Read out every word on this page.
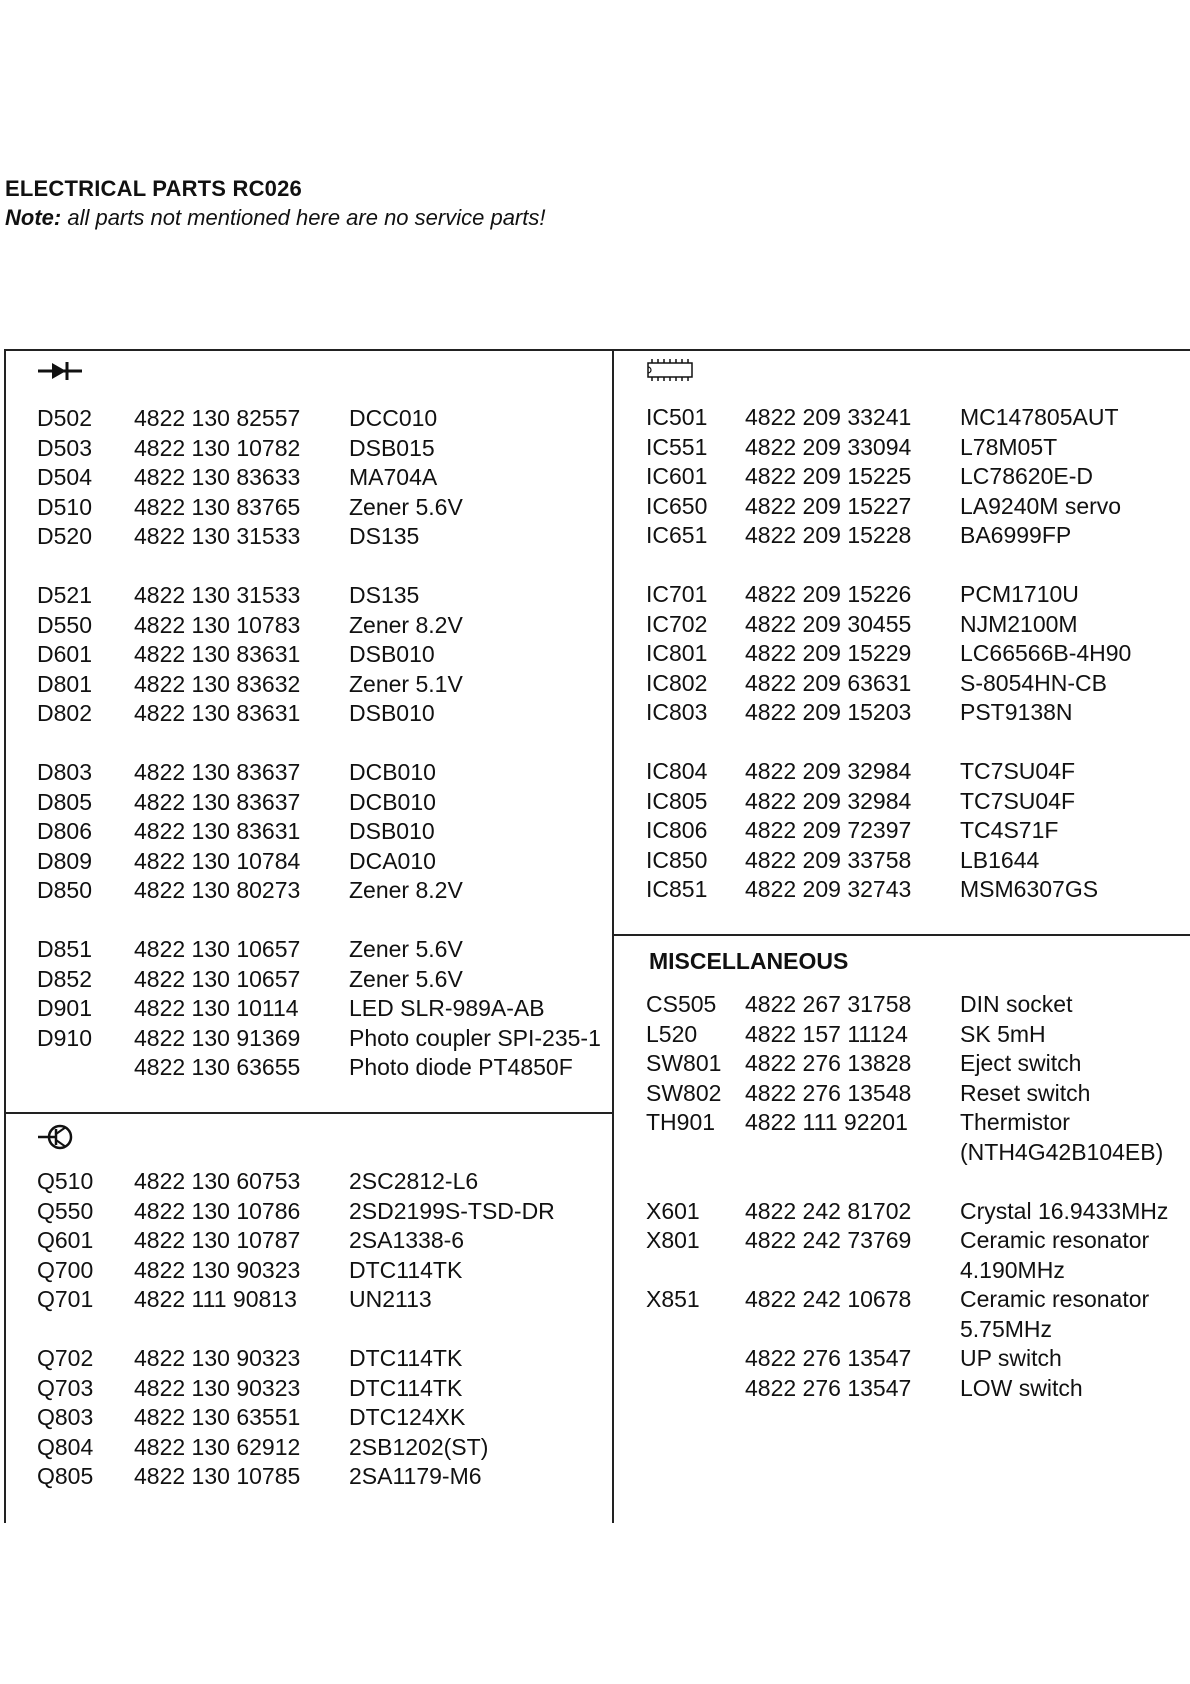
ELECTRICAL PARTS RC026
Note: all parts not mentioned here are no service parts!
D502 4822 130 82557 DCC010
D503 4822 130 10782 DSB015
D504 4822 130 83633 MA704A
D510 4822 130 83765 Zener 5.6V
D520 4822 130 31533 DS135
D521 4822 130 31533 DS135
D550 4822 130 10783 Zener 8.2V
D601 4822 130 83631 DSB010
D801 4822 130 83632 Zener 5.1V
D802 4822 130 83631 DSB010
D803 4822 130 83637 DCB010
D805 4822 130 83637 DCB010
D806 4822 130 83631 DSB010
D809 4822 130 10784 DCA010
D850 4822 130 80273 Zener 8.2V
D851 4822 130 10657 Zener 5.6V
D852 4822 130 10657 Zener 5.6V
D901 4822 130 10114 LED SLR-989A-AB
D910 4822 130 91369 Photo coupler SPI-235-1
4822 130 63655 Photo diode PT4850F
Q510 4822 130 60753 2SC2812-L6
Q550 4822 130 10786 2SD2199S-TSD-DR
Q601 4822 130 10787 2SA1338-6
Q700 4822 130 90323 DTC114TK
Q701 4822 111 90813 UN2113
Q702 4822 130 90323 DTC114TK
Q703 4822 130 90323 DTC114TK
Q803 4822 130 63551 DTC124XK
Q804 4822 130 62912 2SB1202(ST)
Q805 4822 130 10785 2SA1179-M6
IC501 4822 209 33241 MC147805AUT
IC551 4822 209 33094 L78M05T
IC601 4822 209 15225 LC78620E-D
IC650 4822 209 15227 LA9240M servo
IC651 4822 209 15228 BA6999FP
IC701 4822 209 15226 PCM1710U
IC702 4822 209 30455 NJM2100M
IC801 4822 209 15229 LC66566B-4H90
IC802 4822 209 63631 S-8054HN-CB
IC803 4822 209 15203 PST9138N
IC804 4822 209 32984 TC7SU04F
IC805 4822 209 32984 TC7SU04F
IC806 4822 209 72397 TC4S71F
IC850 4822 209 33758 LB1644
IC851 4822 209 32743 MSM6307GS
MISCELLANEOUS
CS505 4822 267 31758 DIN socket
L520 4822 157 11124 SK 5mH
SW801 4822 276 13828 Eject switch
SW802 4822 276 13548 Reset switch
TH901 4822 111 92201 Thermistor
(NTH4G42B104EB)
X601 4822 242 81702 Crystal 16.9433MHz
X801 4822 242 73769 Ceramic resonator
4.190MHz
X851 4822 242 10678 Ceramic resonator
5.75MHz
4822 276 13547 UP switch
4822 276 13547 LOW switch
